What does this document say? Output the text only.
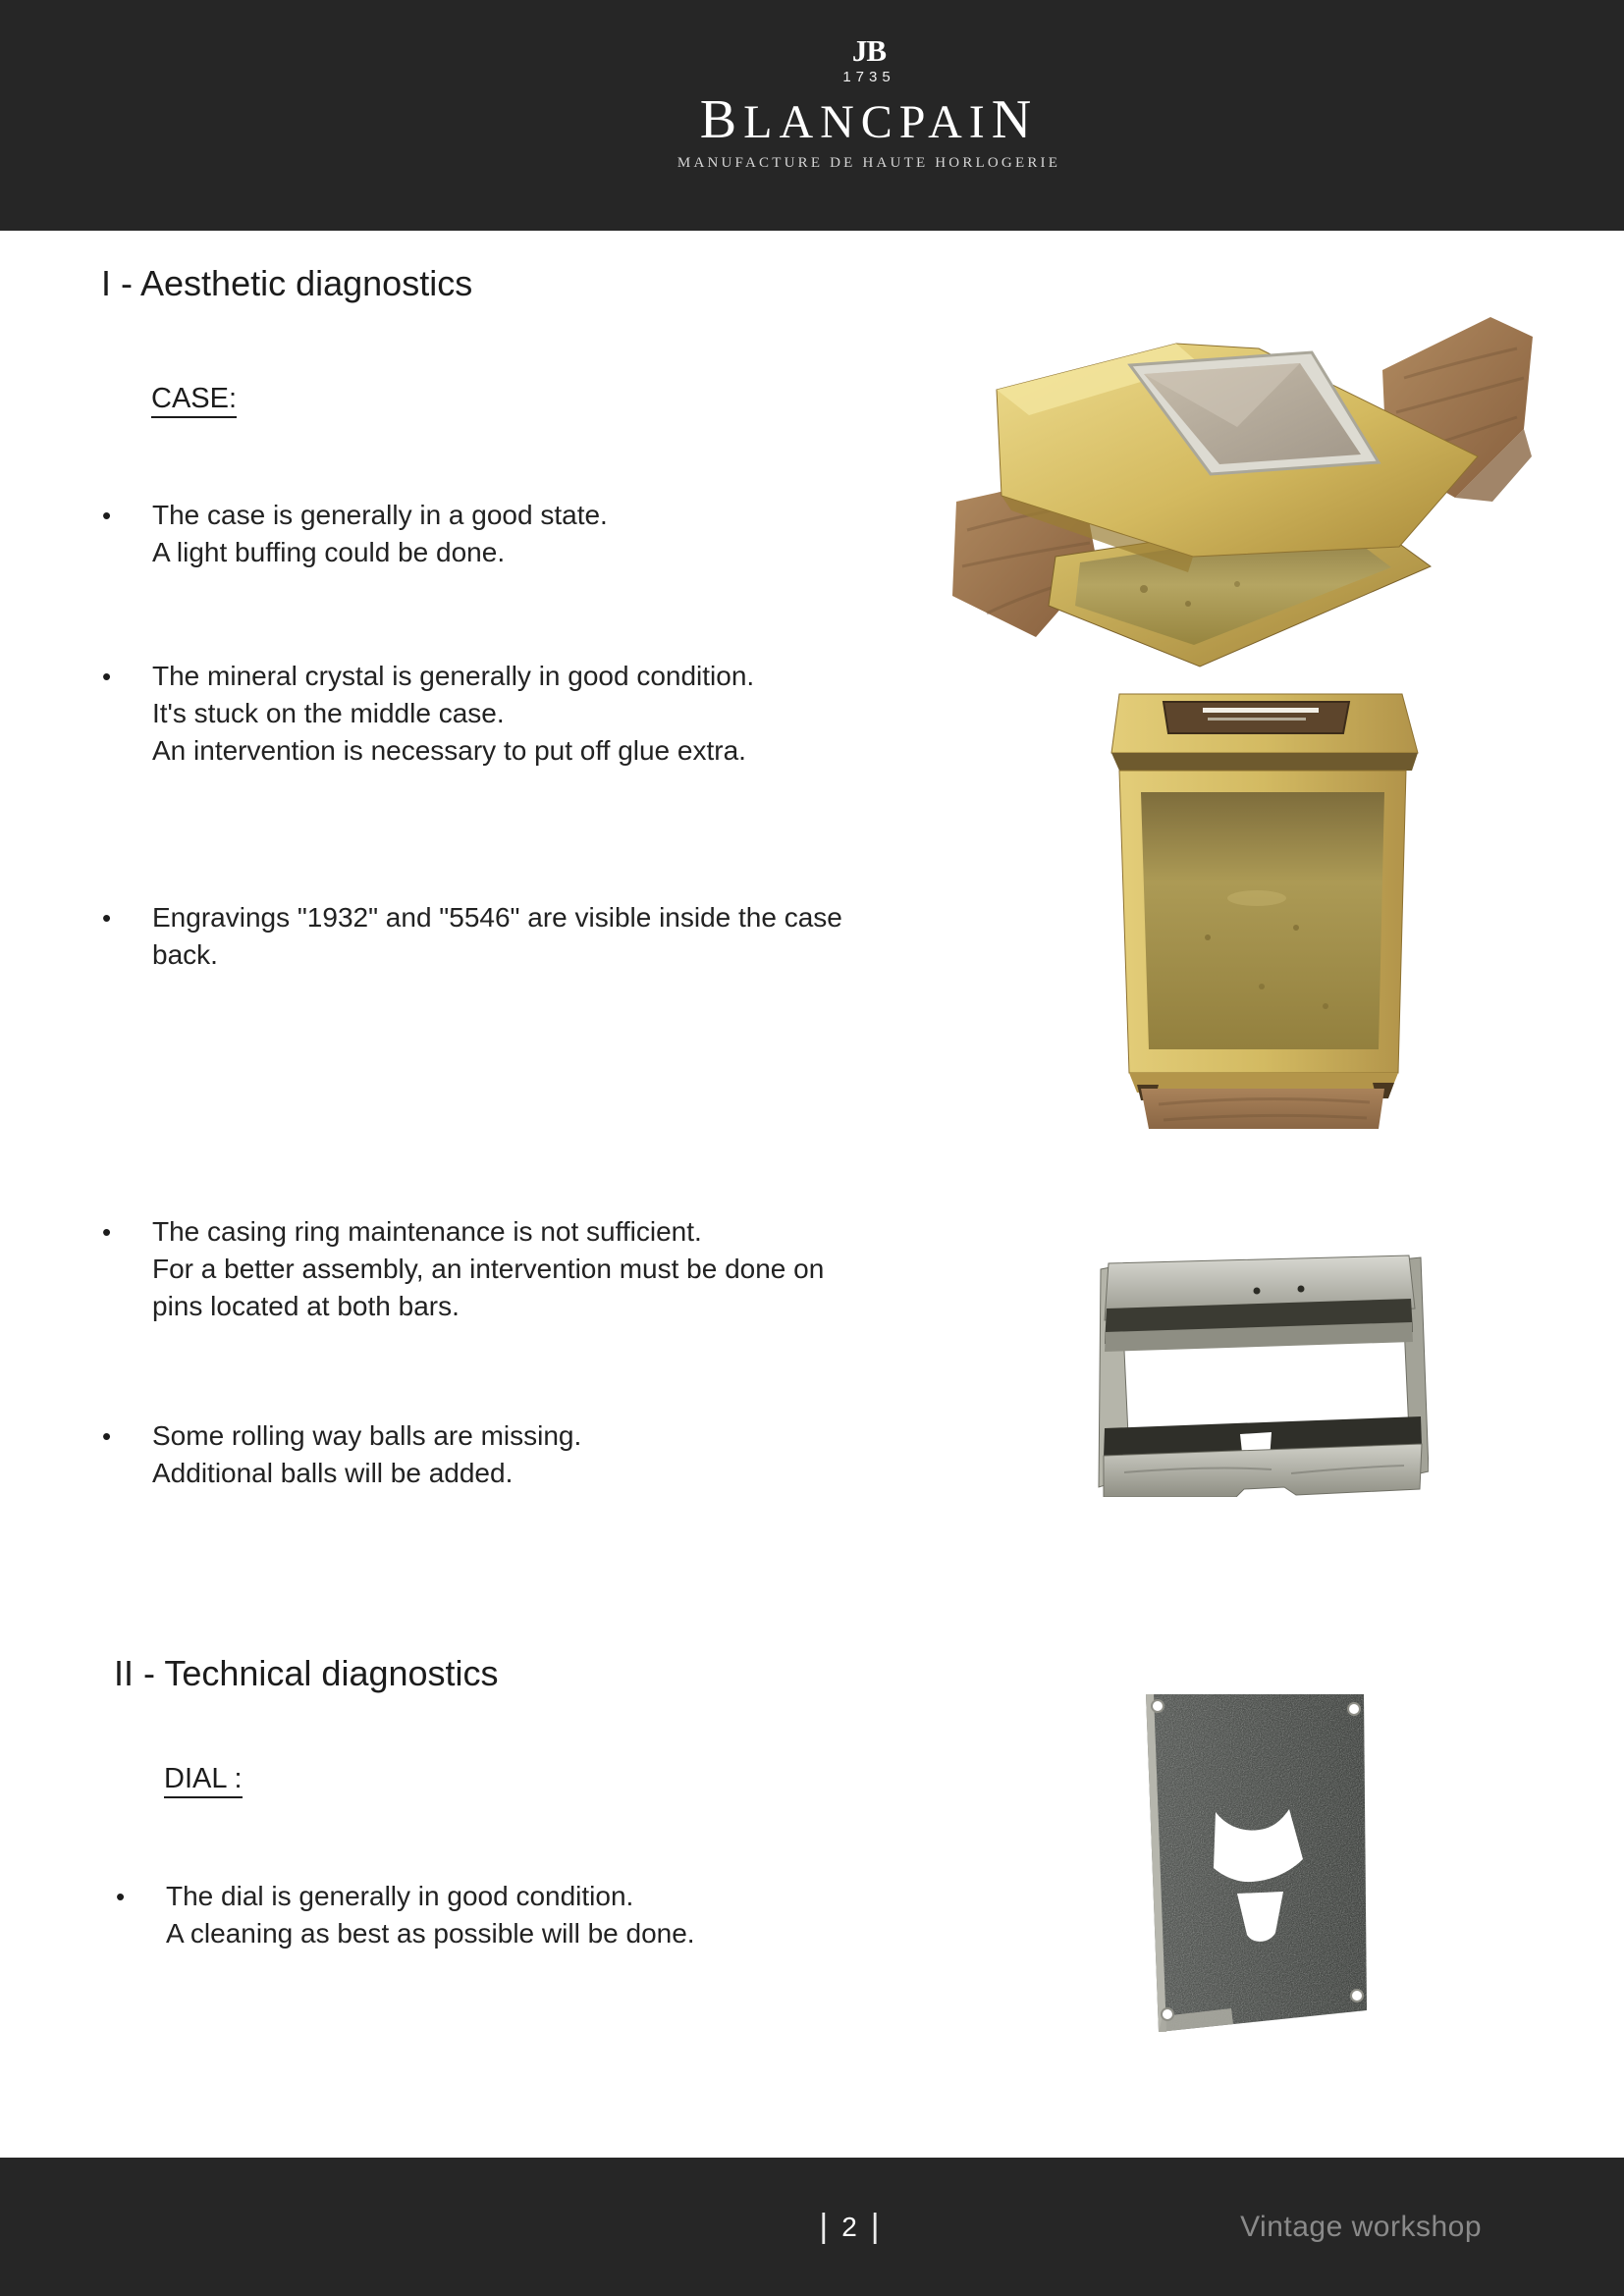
JB
1735
BLANCPAIN
MANUFACTURE DE HAUTE HORLOGERIE
I - Aesthetic diagnostics
CASE:
• The case is generally in a good state.
A light buffing could be done.
• The mineral crystal is generally in good condition.
It's stuck on the middle case.
An intervention is necessary to put off glue extra.
• Engravings "1932" and "5546" are visible inside the case
back.
• The casing ring maintenance is not sufficient.
For a better assembly, an intervention must be done on
pins located at both bars.
• Some rolling way balls are missing.
Additional balls will be added.
II - Technical diagnostics
DIAL :
• The dial is generally in good condition.
A cleaning as best as possible will be done.
| 2 |	Vintage workshop
